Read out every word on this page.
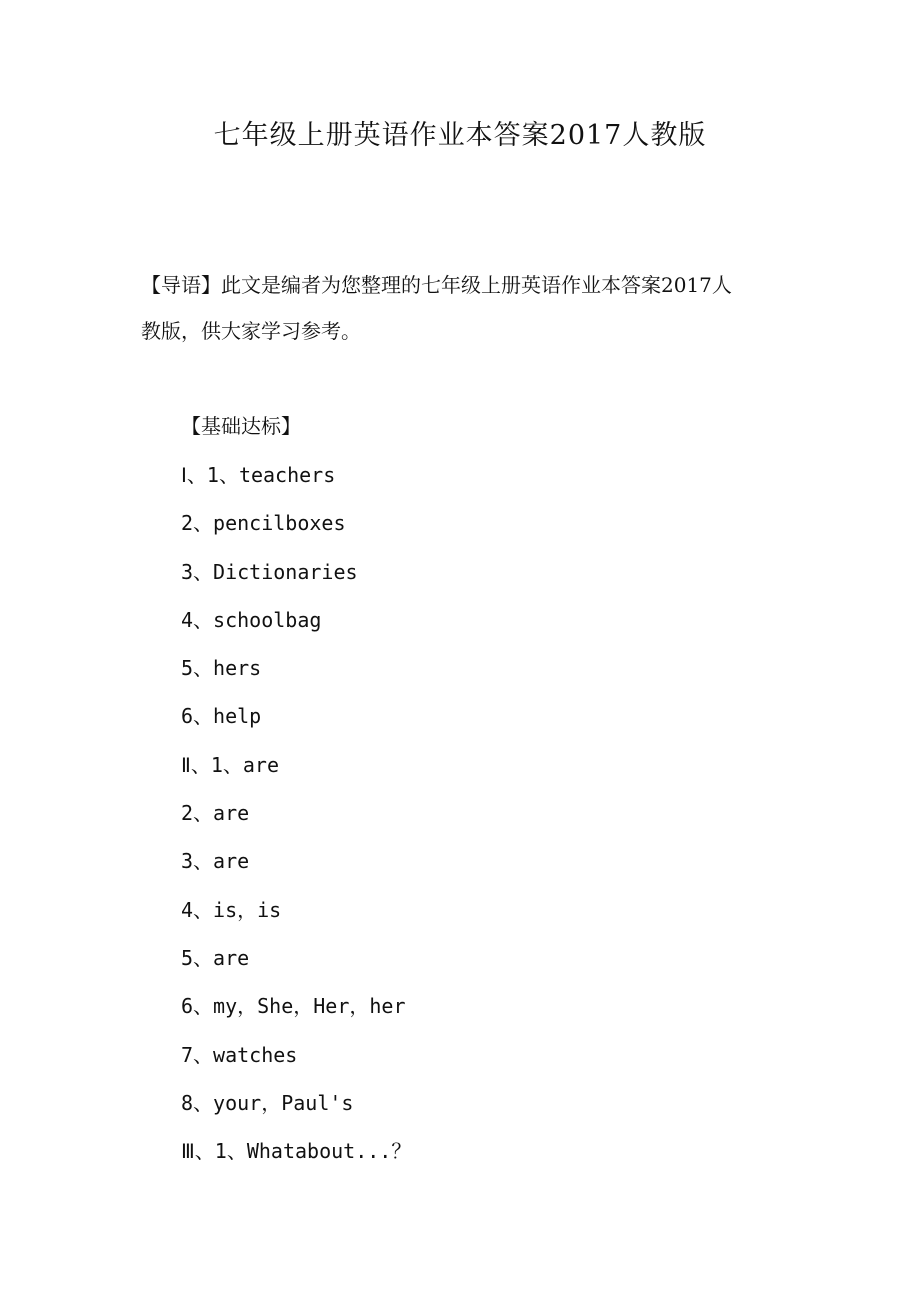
七年级上册英语作业本答案2017人教版
【导语】此文是编者为您整理的七年级上册英语作业本答案2017人
教版，供大家学习参考。
【基础达标】
Ⅰ、1、teachers
2、pencilboxes
3、Dictionaries
4、schoolbag
5、hers
6、help
Ⅱ、1、are
2、are
3、are
4、is，is
5、are
6、my，She，Her，her
7、watches
8、your，Paul's
Ⅲ、1、Whatabout...？
